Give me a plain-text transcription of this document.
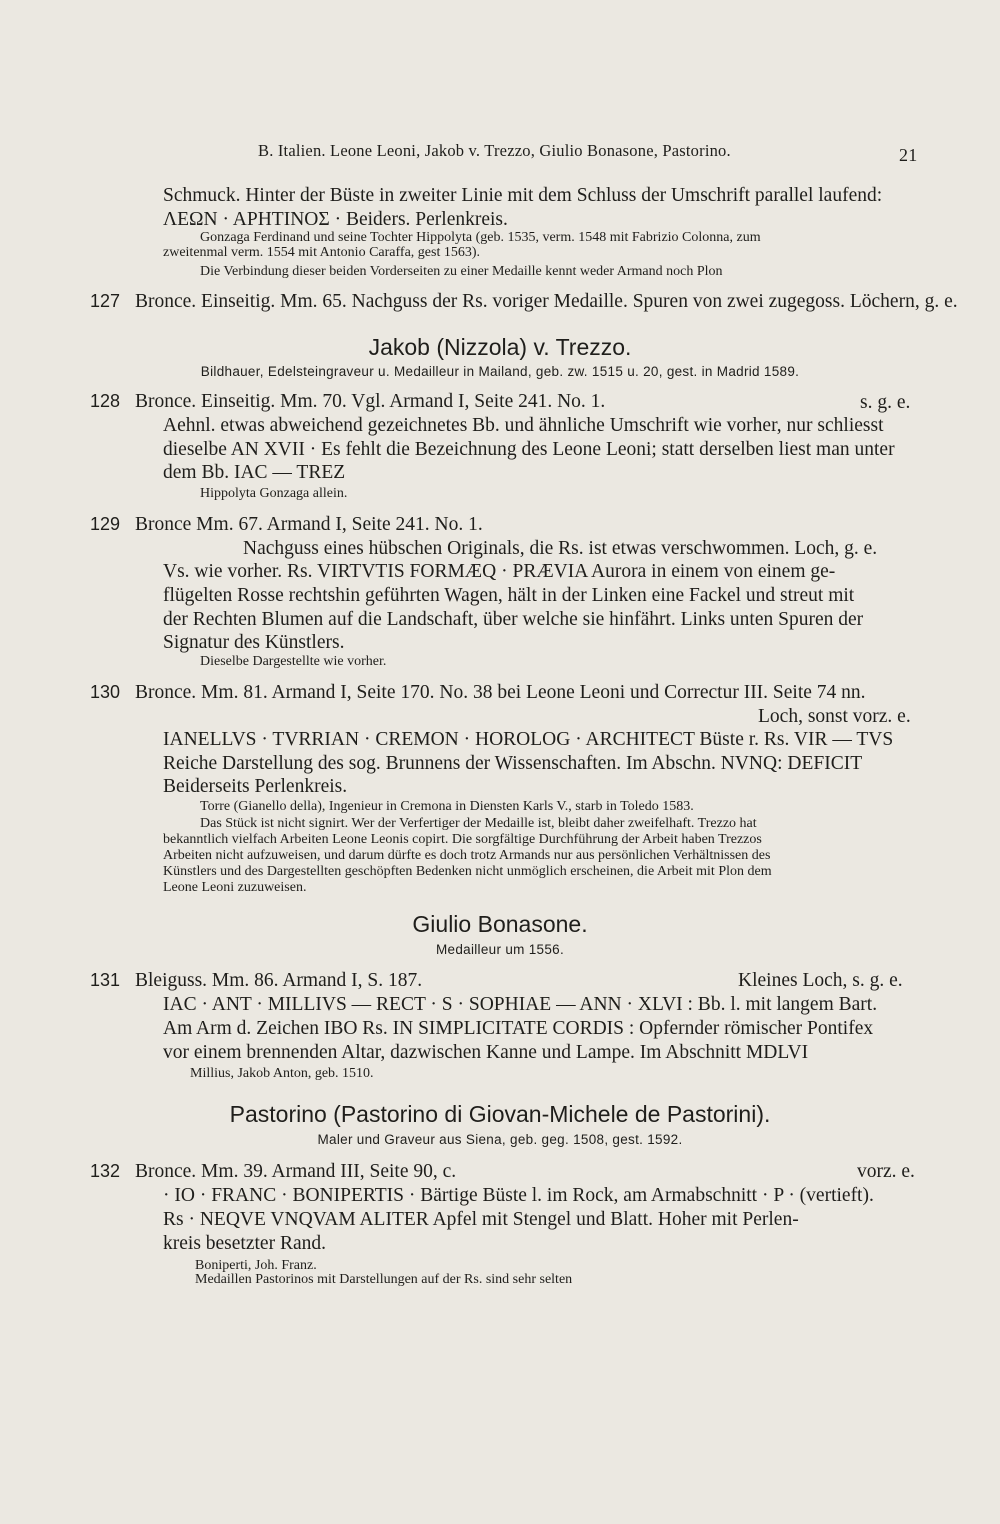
B. Italien. Leone Leoni, Jakob v. Trezzo, Giulio Bonasone, Pastorino.	21
Schmuck. Hinter der Büste in zweiter Linie mit dem Schluss der Umschrift parallel laufend:
ΛΕΩΝ · ΑΡΗΤΙΝΟΣ · Beiders. Perlenkreis.
Gonzaga Ferdinand und seine Tochter Hippolyta (geb. 1535, verm. 1548 mit Fabrizio Colonna, zum
zweitenmal verm. 1554 mit Antonio Caraffa, gest 1563).
Die Verbindung dieser beiden Vorderseiten zu einer Medaille kennt weder Armand noch Plon
127 Bronce. Einseitig. Mm. 65. Nachguss der Rs. voriger Medaille. Spuren von zwei zugegoss. Löchern, g. e.
Jakob (Nizzola) v. Trezzo.
Bildhauer, Edelsteingraveur u. Medailleur in Mailand, geb. zw. 1515 u. 20, gest. in Madrid 1589.
128 Bronce. Einseitig. Mm. 70. Vgl. Armand I, Seite 241. No. 1.	s. g. e.
Aehnl. etwas abweichend gezeichnetes Bb. und ähnliche Umschrift wie vorher, nur schliesst
dieselbe AN XVII · Es fehlt die Bezeichnung des Leone Leoni; statt derselben liest man unter
dem Bb. IAC — TREZ
Hippolyta Gonzaga allein.
129 Bronce Mm. 67. Armand I, Seite 241. No. 1.
Nachguss eines hübschen Originals, die Rs. ist etwas verschwommen. Loch, g. e.
Vs. wie vorher. Rs. VIRTVTIS FORMÆQ · PRÆVIA Aurora in einem von einem ge-
flügelten Rosse rechtshin geführten Wagen, hält in der Linken eine Fackel und streut mit
der Rechten Blumen auf die Landschaft, über welche sie hinfährt. Links unten Spuren der
Signatur des Künstlers.
Dieselbe Dargestellte wie vorher.
130 Bronce. Mm. 81. Armand I, Seite 170. No. 38 bei Leone Leoni und Correctur III. Seite 74 nn.
Loch, sonst vorz. e.
IANELLVS · TVRRIAN · CREMON · HOROLOG · ARCHITECT Büste r. Rs. VIR — TVS
Reiche Darstellung des sog. Brunnens der Wissenschaften. Im Abschn. NVNQ: DEFICIT
Beiderseits Perlenkreis.
Torre (Gianello della), Ingenieur in Cremona in Diensten Karls V., starb in Toledo 1583.
Das Stück ist nicht signirt. Wer der Verfertiger der Medaille ist, bleibt daher zweifelhaft. Trezzo hat
bekanntlich vielfach Arbeiten Leone Leonis copirt. Die sorgfältige Durchführung der Arbeit haben Trezzos
Arbeiten nicht aufzuweisen, und darum dürfte es doch trotz Armands nur aus persönlichen Verhältnissen des
Künstlers und des Dargestellten geschöpften Bedenken nicht unmöglich erscheinen, die Arbeit mit Plon dem
Leone Leoni zuzuweisen.
Giulio Bonasone.
Medailleur um 1556.
131 Bleiguss. Mm. 86. Armand I, S. 187.	Kleines Loch, s. g. e.
IAC · ANT · MILLIVS — RECT · S · SOPHIAE — ANN · XLVI : Bb. l. mit langem Bart.
Am Arm d. Zeichen IBO Rs. IN SIMPLICITATE CORDIS : Opfernder römischer Pontifex
vor einem brennenden Altar, dazwischen Kanne und Lampe. Im Abschnitt MDLVI
Millius, Jakob Anton, geb. 1510.
Pastorino (Pastorino di Giovan-Michele de Pastorini).
Maler und Graveur aus Siena, geb. geg. 1508, gest. 1592.
132 Bronce. Mm. 39. Armand III, Seite 90, c.	vorz. e.
· IO · FRANC · BONIPERTIS · Bärtige Büste l. im Rock, am Armabschnitt · P · (vertieft).
Rs · NEQVE VNQVAM ALITER Apfel mit Stengel und Blatt. Hoher mit Perlen-
kreis besetzter Rand.
Boniperti, Joh. Franz.
Medaillen Pastorinos mit Darstellungen auf der Rs. sind sehr selten
